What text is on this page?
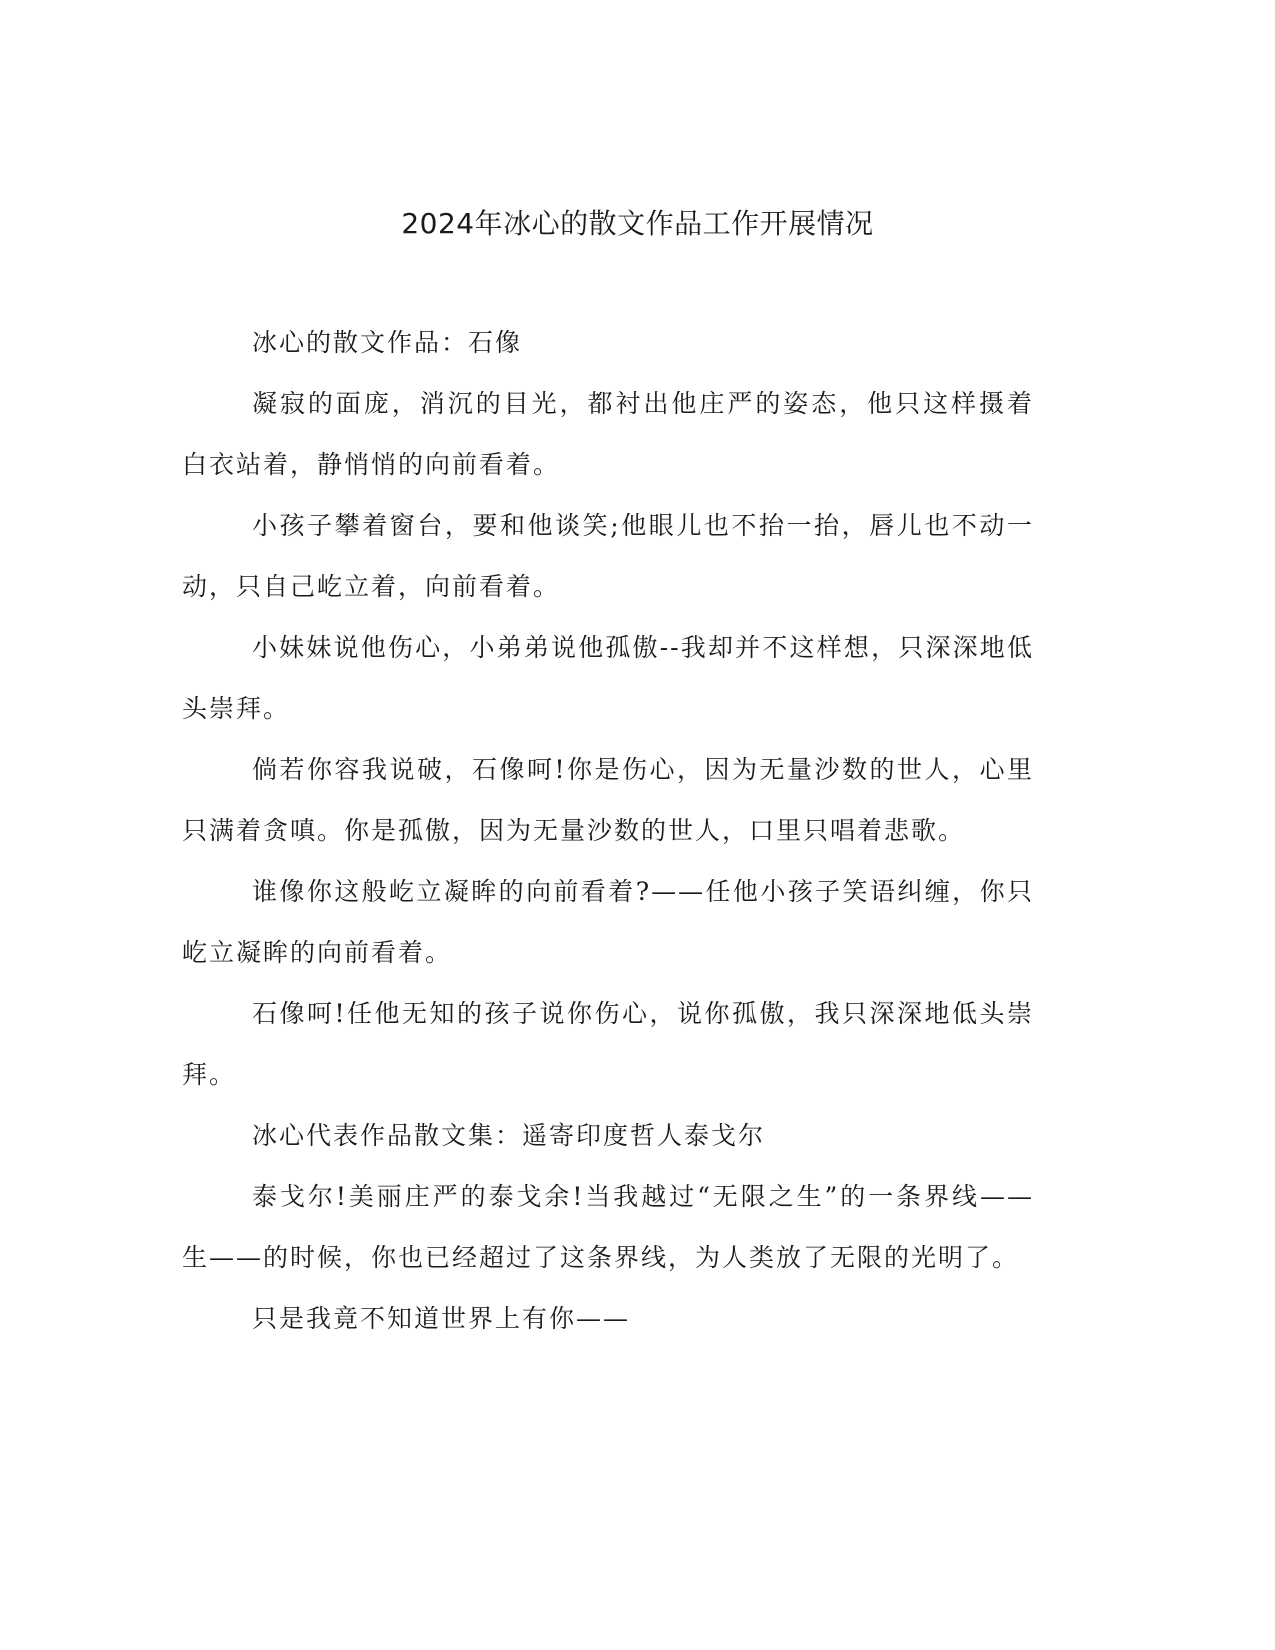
2024年冰心的散文作品工作开展情况

冰心的散文作品：石像

凝寂的面庞，消沉的目光，都衬出他庄严的姿态，他只这样摄着白衣站着，静悄悄的向前看着。

小孩子攀着窗台，要和他谈笑;他眼儿也不抬一抬，唇儿也不动一动，只自己屹立着，向前看着。

小妹妹说他伤心，小弟弟说他孤傲--我却并不这样想，只深深地低头崇拜。

倘若你容我说破，石像呵!你是伤心，因为无量沙数的世人，心里只满着贪嗔。你是孤傲，因为无量沙数的世人，口里只唱着悲歌。

谁像你这般屹立凝眸的向前看着?——任他小孩子笑语纠缠，你只屹立凝眸的向前看着。

石像呵!任他无知的孩子说你伤心，说你孤傲，我只深深地低头崇拜。

冰心代表作品散文集：遥寄印度哲人泰戈尔

泰戈尔!美丽庄严的泰戈余!当我越过“无限之生”的一条界线——生——的时候，你也已经超过了这条界线，为人类放了无限的光明了。

只是我竟不知道世界上有你——
